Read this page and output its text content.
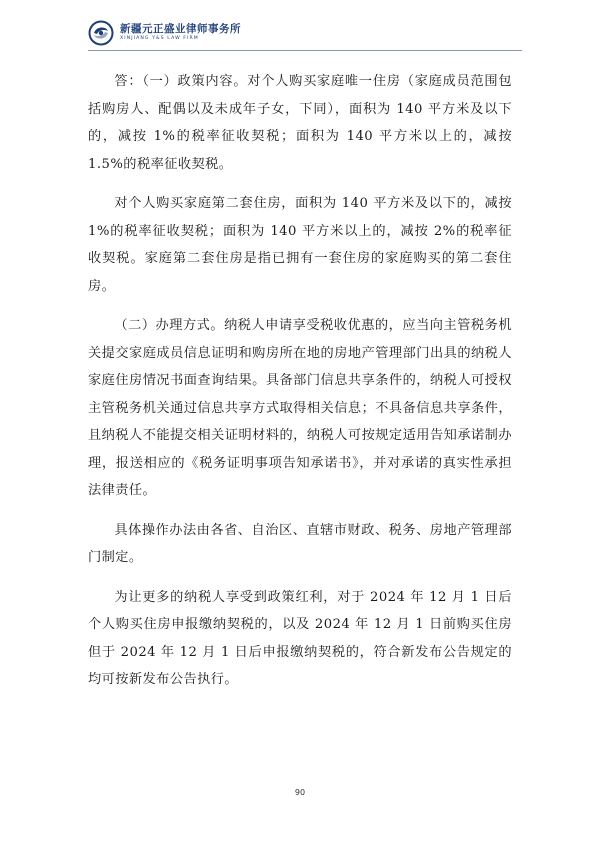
新疆元正盛业律师事务所
XINJIANG Y&S LAW FIRM

答：（一）政策内容。对个人购买家庭唯一住房（家庭成员范围包括购房人、配偶以及未成年子女，下同），面积为 140 平方米及以下的，减按 1%的税率征收契税；面积为 140 平方米以上的，减按 1.5%的税率征收契税。

对个人购买家庭第二套住房，面积为 140 平方米及以下的，减按1%的税率征收契税；面积为 140 平方米以上的，减按 2%的税率征收契税。家庭第二套住房是指已拥有一套住房的家庭购买的第二套住房。

（二）办理方式。纳税人申请享受税收优惠的，应当向主管税务机关提交家庭成员信息证明和购房所在地的房地产管理部门出具的纳税人家庭住房情况书面查询结果。具备部门信息共享条件的，纳税人可授权主管税务机关通过信息共享方式取得相关信息；不具备信息共享条件，且纳税人不能提交相关证明材料的，纳税人可按规定适用告知承诺制办理，报送相应的《税务证明事项告知承诺书》，并对承诺的真实性承担法律责任。

具体操作办法由各省、自治区、直辖市财政、税务、房地产管理部门制定。

为让更多的纳税人享受到政策红利，对于 2024 年 12 月 1 日后个人购买住房申报缴纳契税的，以及 2024 年 12 月 1 日前购买住房但于 2024 年 12 月 1 日后申报缴纳契税的，符合新发布公告规定的均可按新发布公告执行。

90
